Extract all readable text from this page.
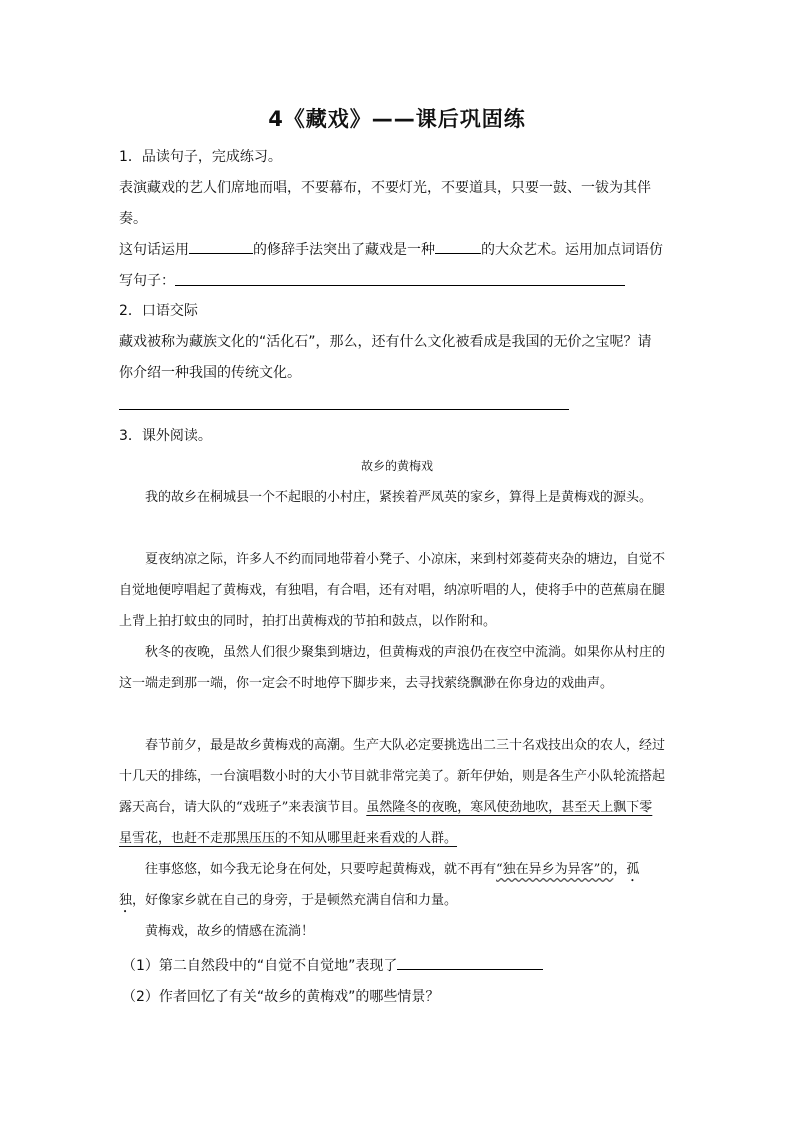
4《藏戏》——课后巩固练
1．品读句子，完成练习。
表演藏戏的艺人们席地而唱，不要幕布，不要灯光，不要道具，只要一鼓、一钹为其伴奏。
这句话运用	的修辞手法突出了藏戏是一种	的大众艺术。运用加点词语仿
写句子：
2．口语交际
藏戏被称为藏族文化的“活化石”，那么，还有什么文化被看成是我国的无价之宝呢？请你介绍一种我国的传统文化。
3．课外阅读。
故乡的黄梅戏
我的故乡在桐城县一个不起眼的小村庄，紧挨着严凤英的家乡，算得上是黄梅戏的源头。
夏夜纳凉之际，许多人不约而同地带着小凳子、小凉床，来到村郊菱荷夹杂的塘边，自觉不自觉地便哼唱起了黄梅戏，有独唱，有合唱，还有对唱，纳凉听唱的人，使将手中的芭蕉扇在腿上背上拍打蚊虫的同时，拍打出黄梅戏的节拍和鼓点，以作附和。
秋冬的夜晚，虽然人们很少聚集到塘边，但黄梅戏的声浪仍在夜空中流淌。如果你从村庄的这一端走到那一端，你一定会不时地停下脚步来，去寻找萦绕飘渺在你身边的戏曲声。
春节前夕，最是故乡黄梅戏的高潮。生产大队必定要挑选出二三十名戏技出众的农人，经过十几天的排练，一台演唱数小时的大小节目就非常完美了。新年伊始，则是各生产小队轮流搭起露天高台，请大队的“戏班子”来表演节目。虽然隆冬的夜晚，寒风使劲地吹，甚至天上飘下零星雪花，也赶不走那黑压压的不知从哪里赶来看戏的人群。
往事悠悠，如今我无论身在何处，只要哼起黄梅戏，就不再有“独在异乡为异客”的，孤独，好像家乡就在自己的身旁，于是顿然充满自信和力量。
黄梅戏，故乡的情感在流淌！
（1）第二自然段中的“自觉不自觉地”表现了
（2）作者回忆了有关“故乡的黄梅戏”的哪些情景？
